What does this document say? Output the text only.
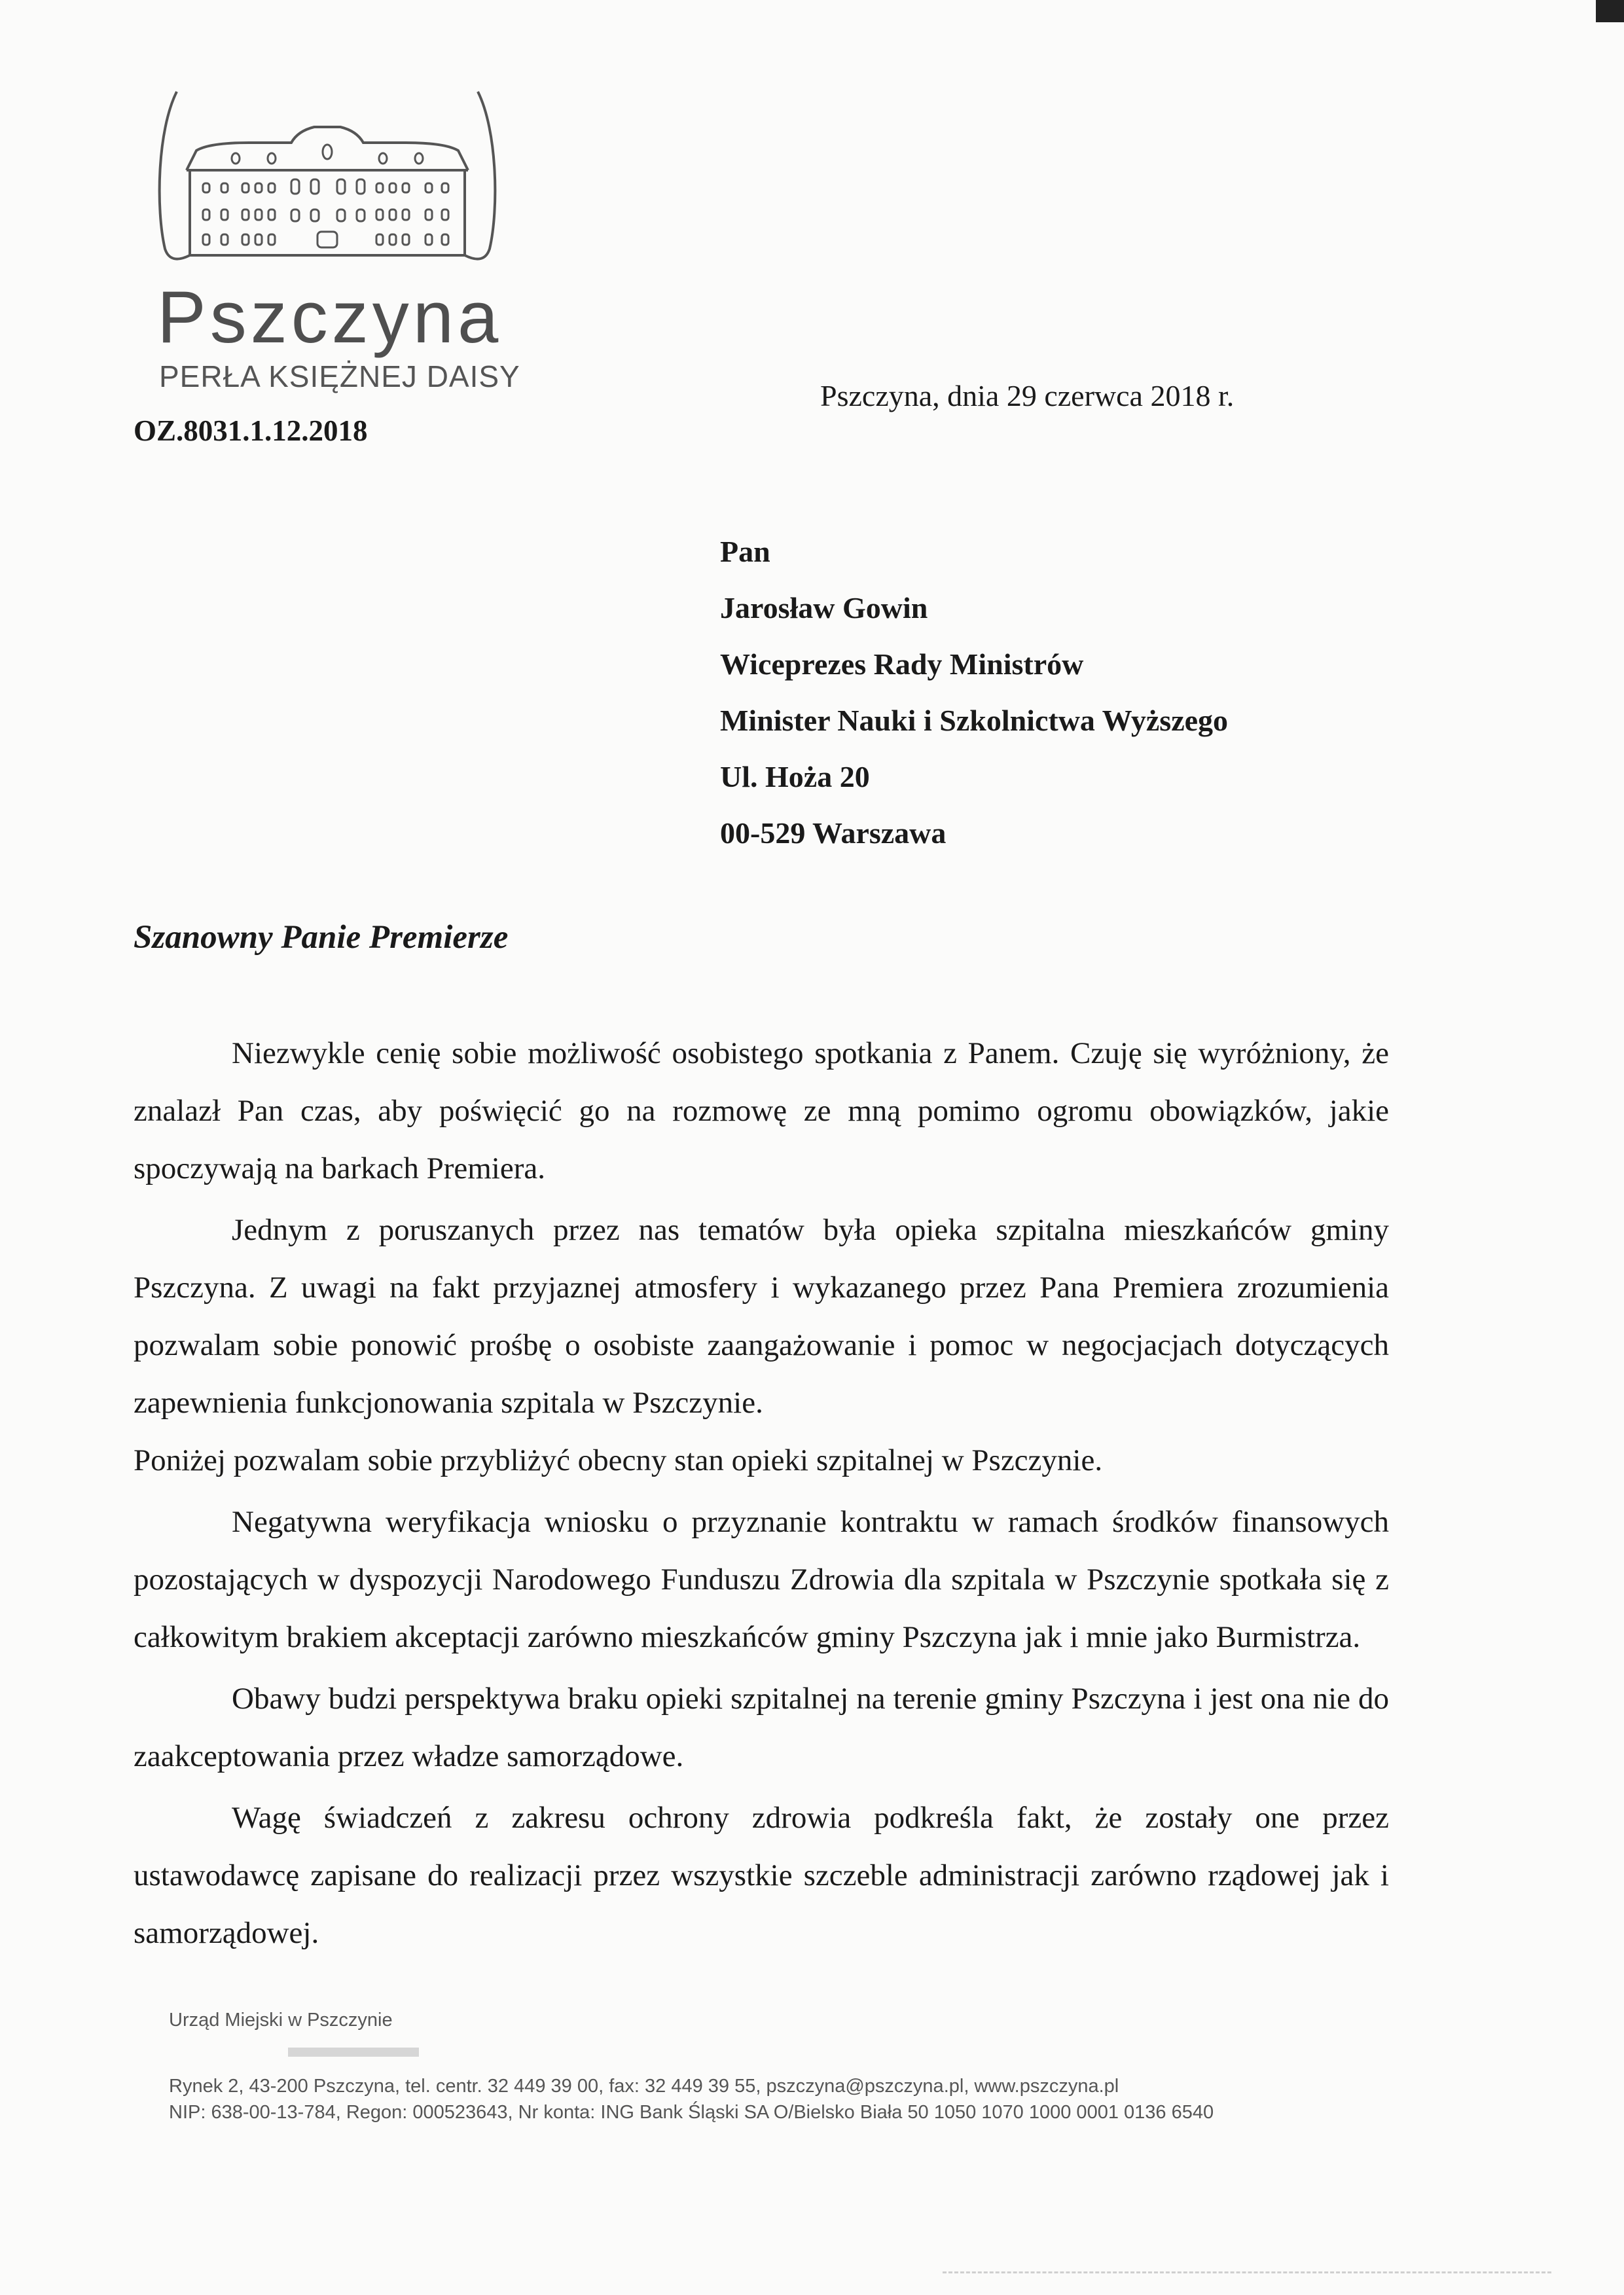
Pszczyna
PERŁA KSIĘŻNEJ DAISY
OZ.8031.1.12.2018
Pszczyna, dnia 29 czerwca 2018 r.
Pan
Jarosław Gowin
Wiceprezes Rady Ministrów
Minister Nauki i Szkolnictwa Wyższego
Ul. Hoża 20
00-529 Warszawa
Szanowny Panie Premierze

Niezwykle cenię sobie możliwość osobistego spotkania z Panem. Czuję się wyróżniony, że znalazł Pan czas, aby poświęcić go na rozmowę ze mną pomimo ogromu obowiązków, jakie spoczywają na barkach Premiera.

Jednym z poruszanych przez nas tematów była opieka szpitalna mieszkańców gminy Pszczyna. Z uwagi na fakt przyjaznej atmosfery i wykazanego przez Pana Premiera zrozumienia pozwalam sobie ponowić prośbę o osobiste zaangażowanie i pomoc w negocjacjach dotyczących zapewnienia funkcjonowania szpitala w Pszczynie.

Poniżej pozwalam sobie przybliżyć obecny stan opieki szpitalnej w Pszczynie.

Negatywna weryfikacja wniosku o przyznanie kontraktu w ramach środków finansowych pozostających w dyspozycji Narodowego Funduszu Zdrowia dla szpitala w Pszczynie spotkała się z całkowitym brakiem akceptacji zarówno mieszkańców gminy Pszczyna jak i mnie jako Burmistrza.

Obawy budzi perspektywa braku opieki szpitalnej na terenie gminy Pszczyna i jest ona nie do zaakceptowania przez władze samorządowe.

Wagę świadczeń z zakresu ochrony zdrowia podkreśla fakt, że zostały one przez ustawodawcę zapisane do realizacji przez wszystkie szczeble administracji zarówno rządowej jak i samorządowej.

Urząd Miejski w Pszczynie
Rynek 2, 43-200 Pszczyna, tel. centr. 32 449 39 00, fax: 32 449 39 55, pszczyna@pszczyna.pl, www.pszczyna.pl
NIP: 638-00-13-784, Regon: 000523643, Nr konta: ING Bank Śląski SA O/Bielsko Biała 50 1050 1070 1000 0001 0136 6540
